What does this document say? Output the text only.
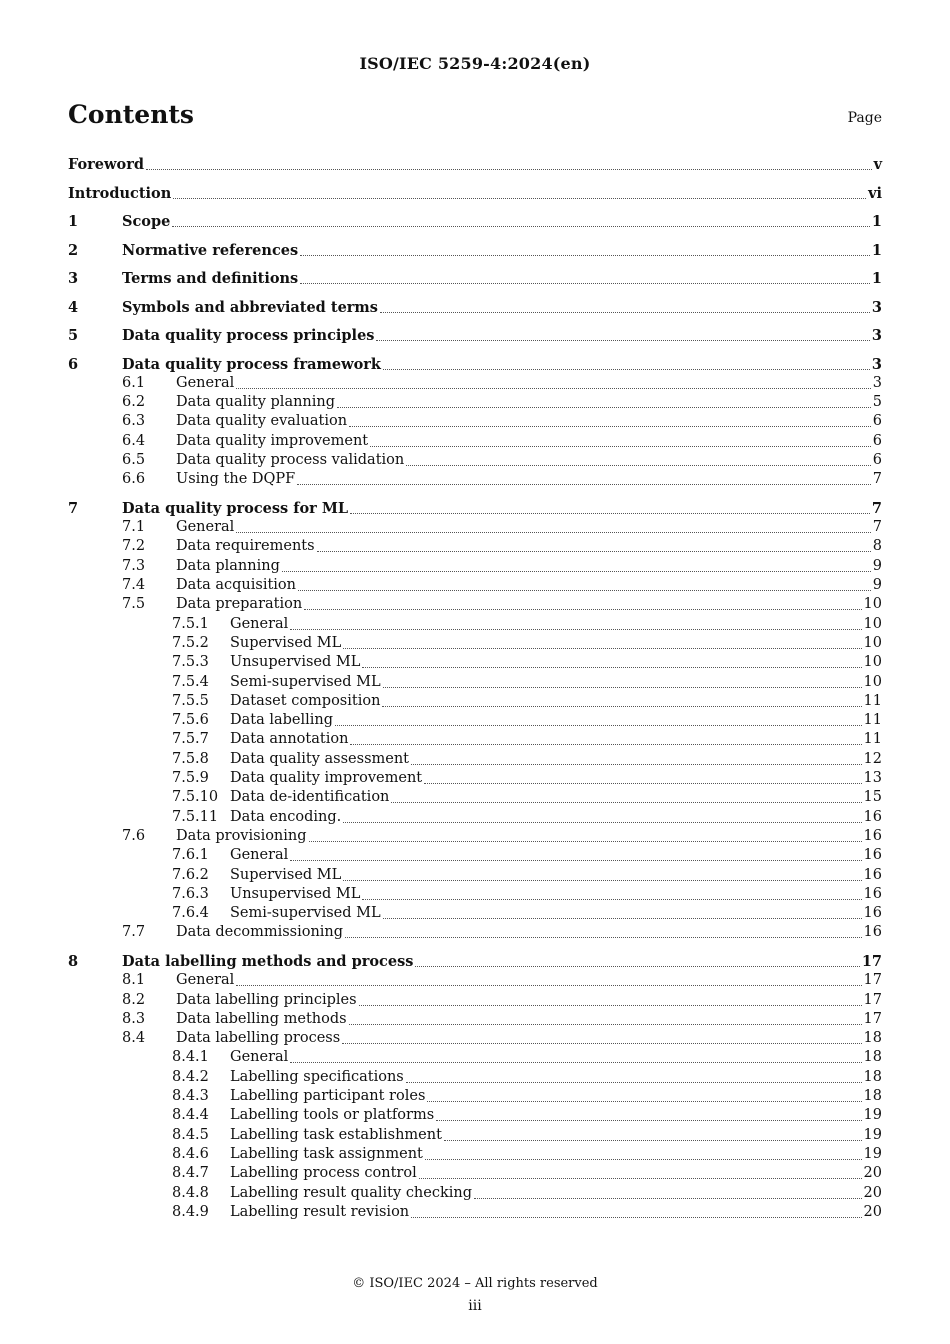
ISO/IEC 5259-4:2024(en)
Contents	Page
Foreword	v
Introduction	vi
1	Scope	1
2	Normative references	1
3	Terms and definitions	1
4	Symbols and abbreviated terms	3
5	Data quality process principles	3
6	Data quality process framework	3
6.1 General	3
6.2 Data quality planning	5
6.3 Data quality evaluation	6
6.4 Data quality improvement	6
6.5 Data quality process validation	6
6.6 Using the DQPF	7
7	Data quality process for ML	7
7.1 General	7
7.2 Data requirements	8
7.3 Data planning	9
7.4 Data acquisition	9
7.5 Data preparation	10
7.5.1 General	10
7.5.2 Supervised ML	10
7.5.3 Unsupervised ML	10
7.5.4 Semi-supervised ML	10
7.5.5 Dataset composition	11
7.5.6 Data labelling	11
7.5.7 Data annotation	11
7.5.8 Data quality assessment	12
7.5.9 Data quality improvement	13
7.5.10 Data de-identification	15
7.5.11 Data encoding.	16
7.6 Data provisioning	16
7.6.1 General	16
7.6.2 Supervised ML	16
7.6.3 Unsupervised ML	16
7.6.4 Semi-supervised ML	16
7.7 Data decommissioning	16
8	Data labelling methods and process	17
8.1 General	17
8.2 Data labelling principles	17
8.3 Data labelling methods	17
8.4 Data labelling process	18
8.4.1 General	18
8.4.2 Labelling specifications	18
8.4.3 Labelling participant roles	18
8.4.4 Labelling tools or platforms	19
8.4.5 Labelling task establishment	19
8.4.6 Labelling task assignment	19
8.4.7 Labelling process control	20
8.4.8 Labelling result quality checking	20
8.4.9 Labelling result revision	20
© ISO/IEC 2024 – All rights reserved
iii
